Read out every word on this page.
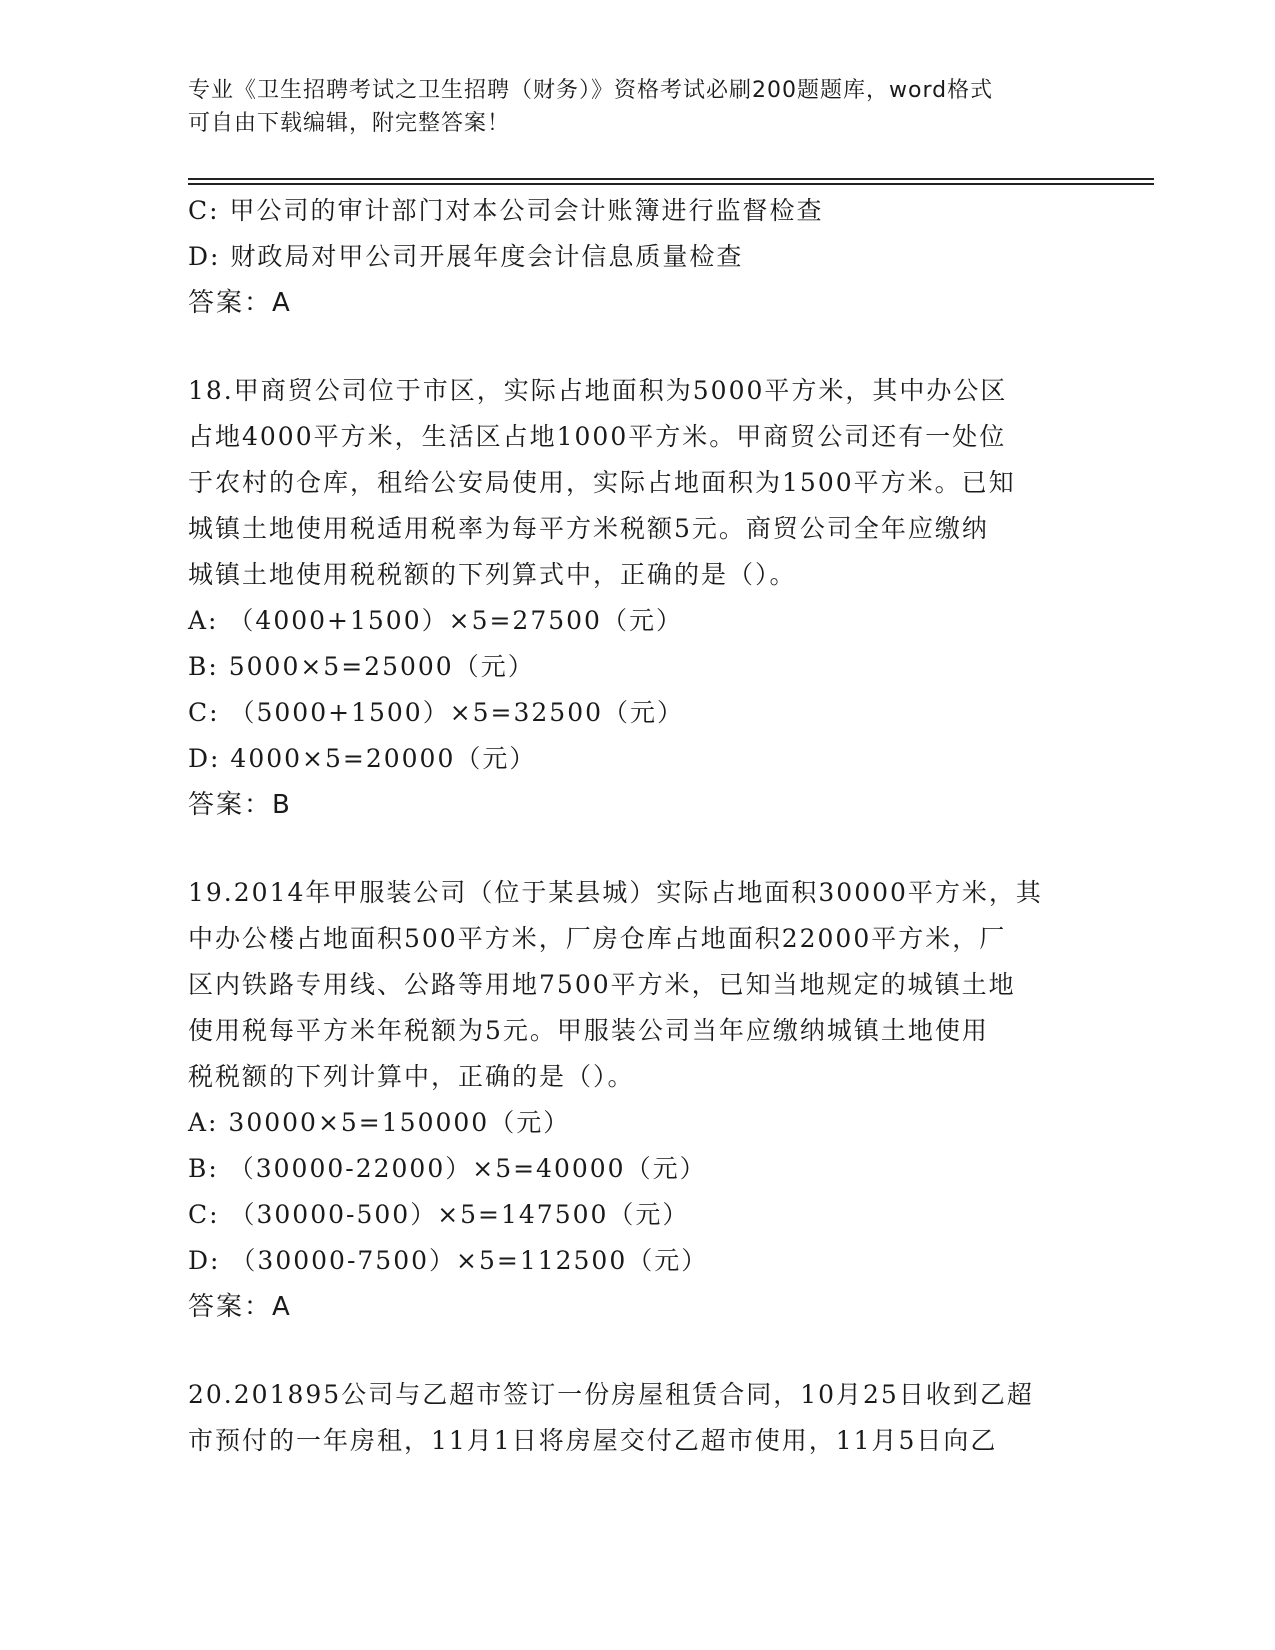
专业《卫生招聘考试之卫生招聘（财务）》资格考试必刷200题题库，word格式
可自由下载编辑，附完整答案！
C: 甲公司的审计部门对本公司会计账簿进行监督检查
D: 财政局对甲公司开展年度会计信息质量检查
答案：A
18.甲商贸公司位于市区，实际占地面积为5000平方米，其中办公区
占地4000平方米，生活区占地1000平方米。甲商贸公司还有一处位
于农村的仓库，租给公安局使用，实际占地面积为1500平方米。已知
城镇土地使用税适用税率为每平方米税额5元。商贸公司全年应缴纳
城镇土地使用税税额的下列算式中，正确的是（）。
A: （4000+1500）×5=27500（元）
B: 5000×5=25000（元）
C: （5000+1500）×5=32500（元）
D: 4000×5=20000（元）
答案：B
19.2014年甲服装公司（位于某县城）实际占地面积30000平方米，其
中办公楼占地面积500平方米，厂房仓库占地面积22000平方米，厂
区内铁路专用线、公路等用地7500平方米，已知当地规定的城镇土地
使用税每平方米年税额为5元。甲服装公司当年应缴纳城镇土地使用
税税额的下列计算中，正确的是（）。
A: 30000×5=150000（元）
B: （30000-22000）×5=40000（元）
C: （30000-500）×5=147500（元）
D: （30000-7500）×5=112500（元）
答案：A
20.201895公司与乙超市签订一份房屋租赁合同，10月25日收到乙超
市预付的一年房租，11月1日将房屋交付乙超市使用，11月5日向乙
